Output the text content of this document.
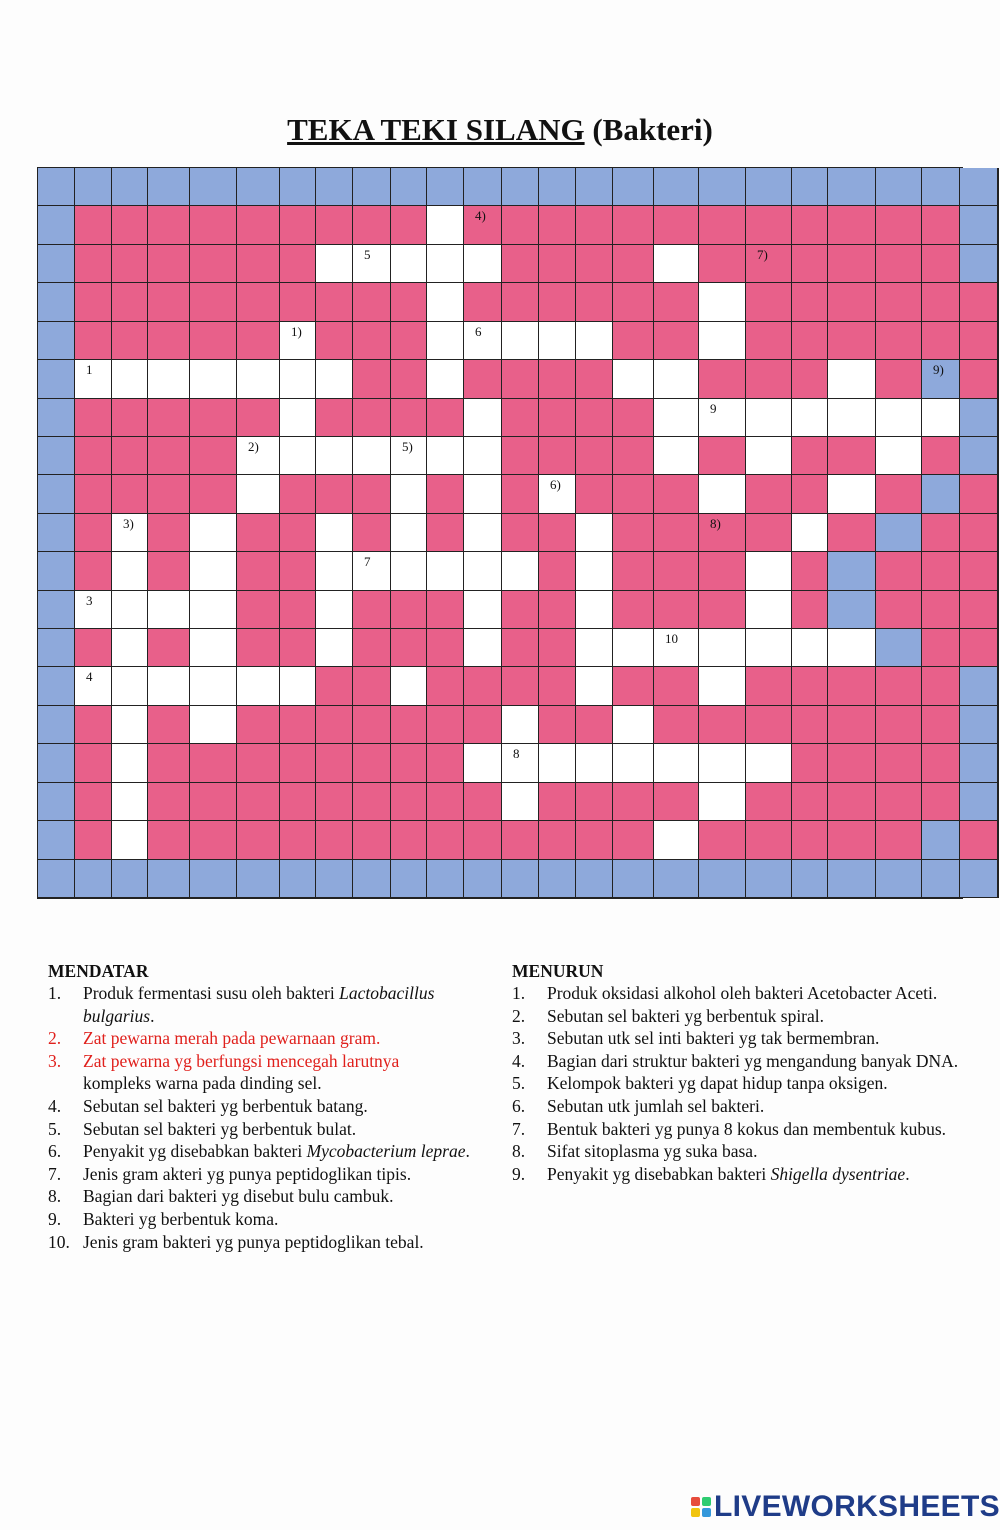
TEKA TEKI SILANG (Bakteri)
4)
5	7)
1)	6
1	9)
9
2)	5)
6)
3)	8)
7
3
10
4
8
MENDATAR
1. Produk fermentasi susu oleh bakteri Lactobacillus bulgarius.
2. Zat pewarna merah pada pewarnaan gram.
3. Zat pewarna yg berfungsi mencegah larutnya
kompleks warna pada dinding sel.
4. Sebutan sel bakteri yg berbentuk batang.
5. Sebutan sel bakteri yg berbentuk bulat.
6. Penyakit yg disebabkan bakteri Mycobacterium leprae.
7. Jenis gram akteri yg punya peptidoglikan tipis.
8. Bagian dari bakteri yg disebut bulu cambuk.
9. Bakteri yg berbentuk koma.
10. Jenis gram bakteri yg punya peptidoglikan tebal.
MENURUN
1. Produk oksidasi alkohol oleh bakteri Acetobacter Aceti.
2. Sebutan sel bakteri yg berbentuk spiral.
3. Sebutan utk sel inti bakteri yg tak bermembran.
4. Bagian dari struktur bakteri yg mengandung banyak DNA.
5. Kelompok bakteri yg dapat hidup tanpa oksigen.
6. Sebutan utk jumlah sel bakteri.
7. Bentuk bakteri yg punya 8 kokus dan membentuk kubus.
8. Sifat sitoplasma yg suka basa.
9. Penyakit yg disebabkan bakteri Shigella dysentriae.
LIVEWORKSHEETS
